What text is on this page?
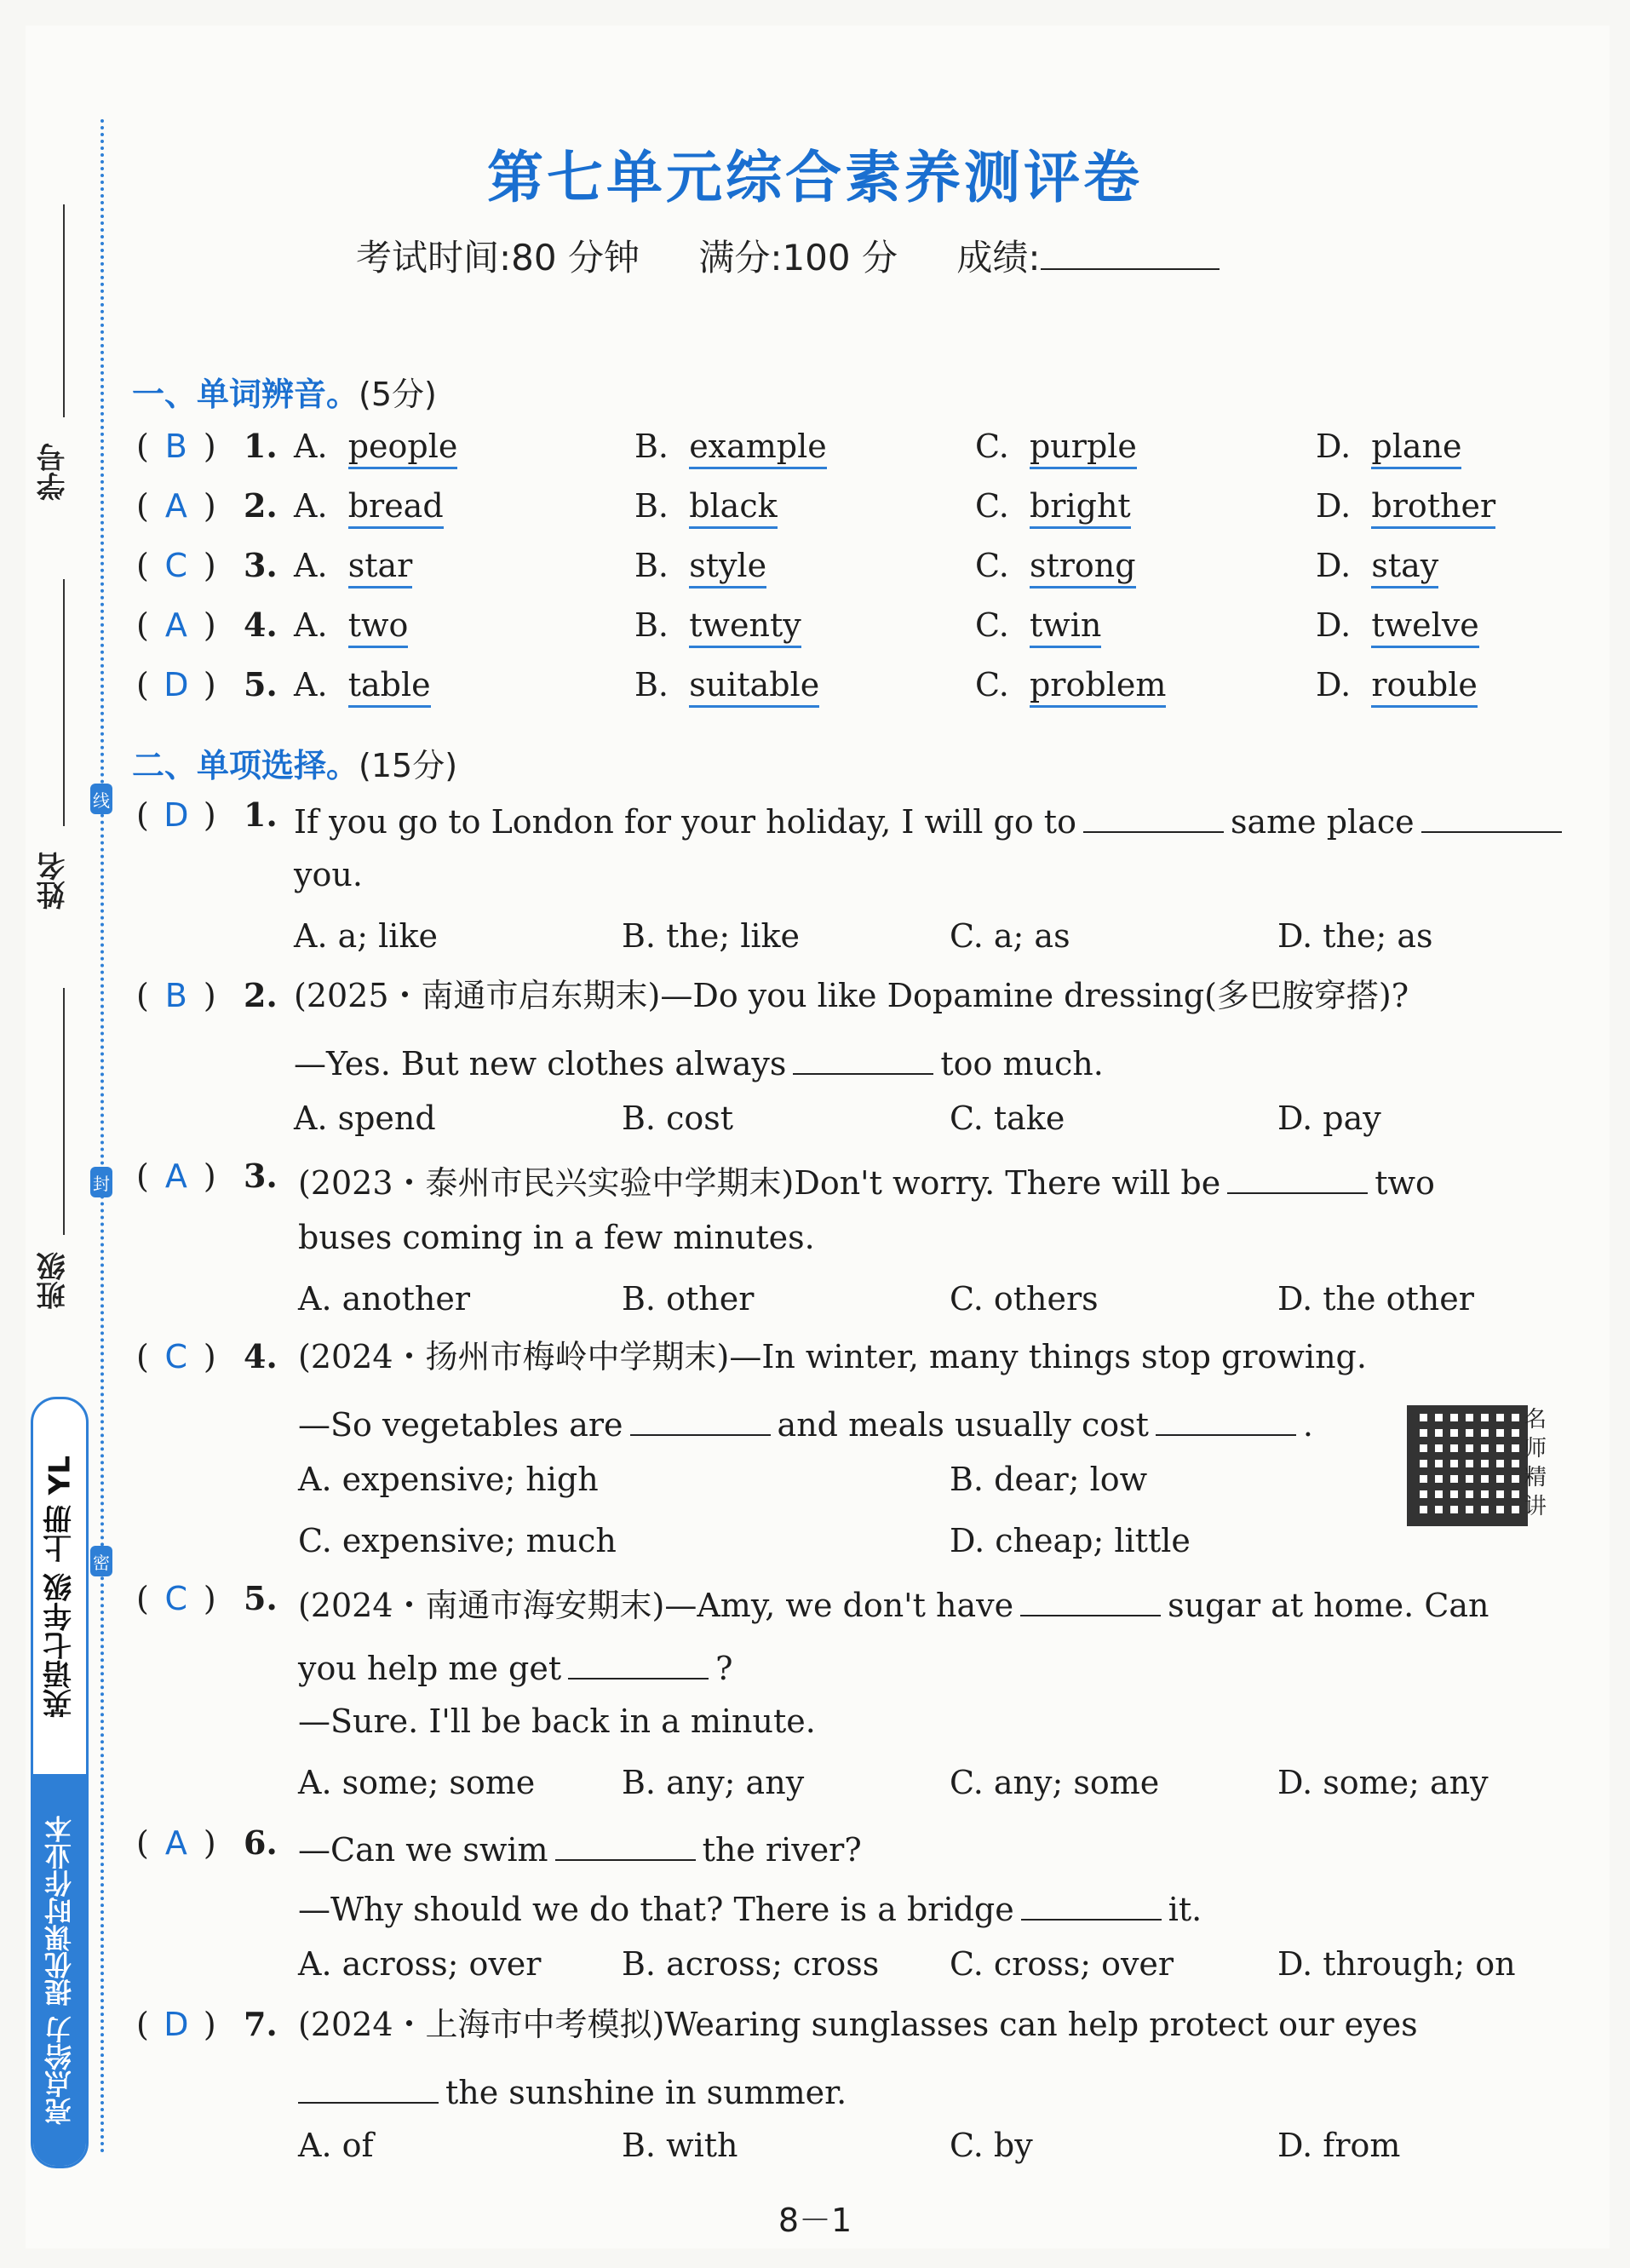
学号
姓名
班级
线
封
密
英语七年级 上册 YL
亮点给力 提优课时作业本
第七单元综合素养测评卷
考试时间:80 分钟 满分:100 分 成绩:
一、单词辨音。(5分)
( B ) 1. A. people	B. example	C. purple	D. plane
( A ) 2. A. bread	B. black	C. bright	D. brother
( C ) 3. A. star	B. style	C. strong	D. stay
( A ) 4. A. two	B. twenty	C. twin	D. twelve
( D ) 5. A. table	B. suitable	C. problem	D. rouble
二、单项选择。(15分)
( D ) 1. If you go to London for your holiday, I will go to	same place
you.
A. a; like	B. the; like	C. a; as	D. the; as
( B ) 2. (2025・南通市启东期末)—Do you like Dopamine dressing(多巴胺穿搭)?
—Yes. But new clothes always	too much.
A. spend	B. cost	C. take	D. pay
( A ) 3. (2023・泰州市民兴实验中学期末)Don't worry. There will be	two
buses coming in a few minutes.
A. another	B. other	C. others	D. the other
( C ) 4. (2024・扬州市梅岭中学期末)—In winter, many things stop growing.
—So vegetables are	and meals usually cost	.
A. expensive; high	B. dear; low
C. expensive; much	D. cheap; little
名师精讲
( C ) 5. (2024・南通市海安期末)—Amy, we don't have	sugar at home. Can
you help me get	?
—Sure. I'll be back in a minute.
A. some; some	B. any; any	C. any; some	D. some; any
( A ) 6. —Can we swim	the river?
—Why should we do that? There is a bridge	it.
A. across; over B. across; cross C. cross; over	D. through; on
( D ) 7. (2024・上海市中考模拟)Wearing sunglasses can help protect our eyes
the sunshine in summer.
A. of	B. with	C. by	D. from
8－1
